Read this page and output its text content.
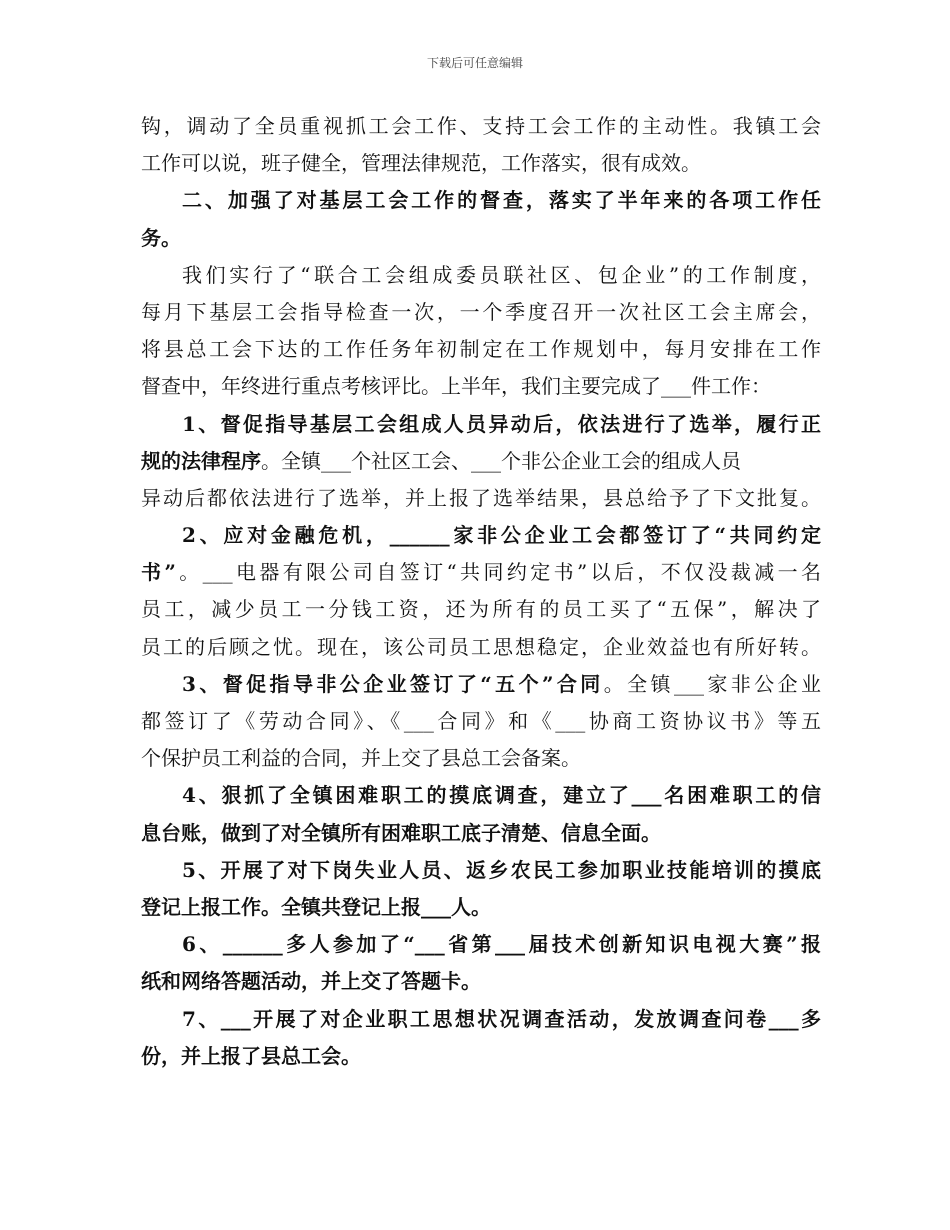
下载后可任意编辑
钩，调动了全员重视抓工会工作、支持工会工作的主动性。我镇工会
工作可以说，班子健全，管理法律规范，工作落实，很有成效。
二、加强了对基层工会工作的督查，落实了半年来的各项工作任
务。
我们实行了“联合工会组成委员联社区、包企业”的工作制度，
每月下基层工会指导检查一次，一个季度召开一次社区工会主席会，
将县总工会下达的工作任务年初制定在工作规划中，每月安排在工作
督查中，年终进行重点考核评比。上半年，我们主要完成了___件工作：
1、督促指导基层工会组成人员异动后，依法进行了选举，履行正
规的法律程序。全镇___个社区工会、___个非公企业工会的组成人员
异动后都依法进行了选举，并上报了选举结果，县总给予了下文批复。
2、应对金融危机，______家非公企业工会都签订了“共同约定
书”。___电器有限公司自签订“共同约定书”以后，不仅没裁减一名
员工，减少员工一分钱工资，还为所有的员工买了“五保”，解决了
员工的后顾之忧。现在，该公司员工思想稳定，企业效益也有所好转。
3、督促指导非公企业签订了“五个”合同。全镇___家非公企业
都签订了《劳动合同》、《___合同》和《___协商工资协议书》等五
个保护员工利益的合同，并上交了县总工会备案。
4、狠抓了全镇困难职工的摸底调查，建立了___名困难职工的信
息台账，做到了对全镇所有困难职工底子清楚、信息全面。
5、开展了对下岗失业人员、返乡农民工参加职业技能培训的摸底
登记上报工作。全镇共登记上报___人。
6、______多人参加了“___省第___届技术创新知识电视大赛”报
纸和网络答题活动，并上交了答题卡。
7、___开展了对企业职工思想状况调查活动，发放调查问卷___多
份，并上报了县总工会。
